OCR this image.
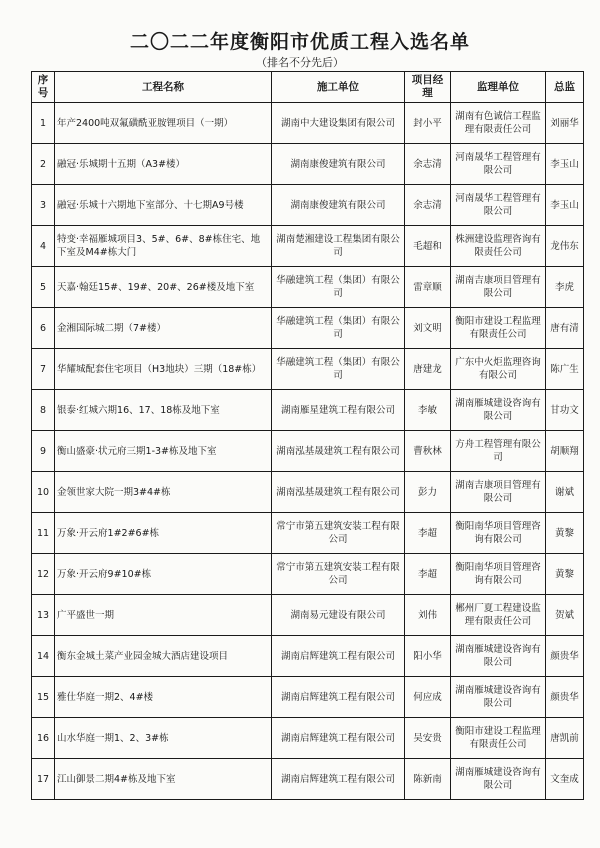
二〇二二年度衡阳市优质工程入选名单
（排名不分先后）
序号	工程名称	施工单位	项目经理	监理单位	总监
1	年产2400吨双氟磺酰亚胺锂项目（一期）	湖南中大建设集团有限公司	封小平	湖南有色诚信工程监理有限责任公司	刘丽华
2	融冠·乐城期十五期（A3#楼）	湖南康俊建筑有限公司	余志清	河南晟华工程管理有限公司	李玉山
3	融冠·乐城十六期地下室部分、十七期A9号楼	湖南康俊建筑有限公司	余志清	河南晟华工程管理有限公司	李玉山
4	特变·幸福雁城项目3、5#、6#、8#栋住宅、地下室及M4#栋大门	湖南楚湘建设工程集团有限公司	毛超和	株洲建设监理咨询有限责任公司	龙伟东
5	天嘉·翰廷15#、19#、20#、26#楼及地下室	华融建筑工程（集团）有限公司	雷章顺	湖南吉康项目管理有限公司	李虎
6	金湘国际城二期（7#楼）	华融建筑工程（集团）有限公司	刘文明	衡阳市建设工程监理有限责任公司	唐有清
7	华耀城配套住宅项目（H3地块）三期（18#栋）	华融建筑工程（集团）有限公司	唐建龙	广东中火炬监理咨询有限公司	陈广生
8	银泰·红城六期16、17、18栋及地下室	湖南雁星建筑工程有限公司	李敏	湖南雁城建设咨询有限公司	甘功文
9	衡山盛豪·状元府三期1-3#栋及地下室	湖南泓基晟建筑工程有限公司	曹秋林	方舟工程管理有限公司	胡顺翔
10	金领世家大院一期3#4#栋	湖南泓基晟建筑工程有限公司	彭力	湖南吉康项目管理有限公司	谢斌
11	万象·开云府1#2#6#栋	常宁市第五建筑安装工程有限公司	李超	衡阳南华项目管理咨询有限公司	黄黎
12	万象·开云府9#10#栋	常宁市第五建筑安装工程有限公司	李超	衡阳南华项目管理咨询有限公司	黄黎
13	广平盛世一期	湖南易元建设有限公司	刘伟	郴州厂夏工程建设监理有限责任公司	贺斌
14	衡东金城土菜产业园金城大酒店建设项目	湖南启辉建筑工程有限公司	阳小华	湖南雁城建设咨询有限公司	颜贵华
15	雅仕华庭一期2、4#楼	湖南启辉建筑工程有限公司	何应成	湖南雁城建设咨询有限公司	颜贵华
16	山水华庭一期1、2、3#栋	湖南启辉建筑工程有限公司	吴安贵	衡阳市建设工程监理有限责任公司	唐凯前
17	江山御景二期4#栋及地下室	湖南启辉建筑工程有限公司	陈新南	湖南雁城建设咨询有限公司	文奎成
